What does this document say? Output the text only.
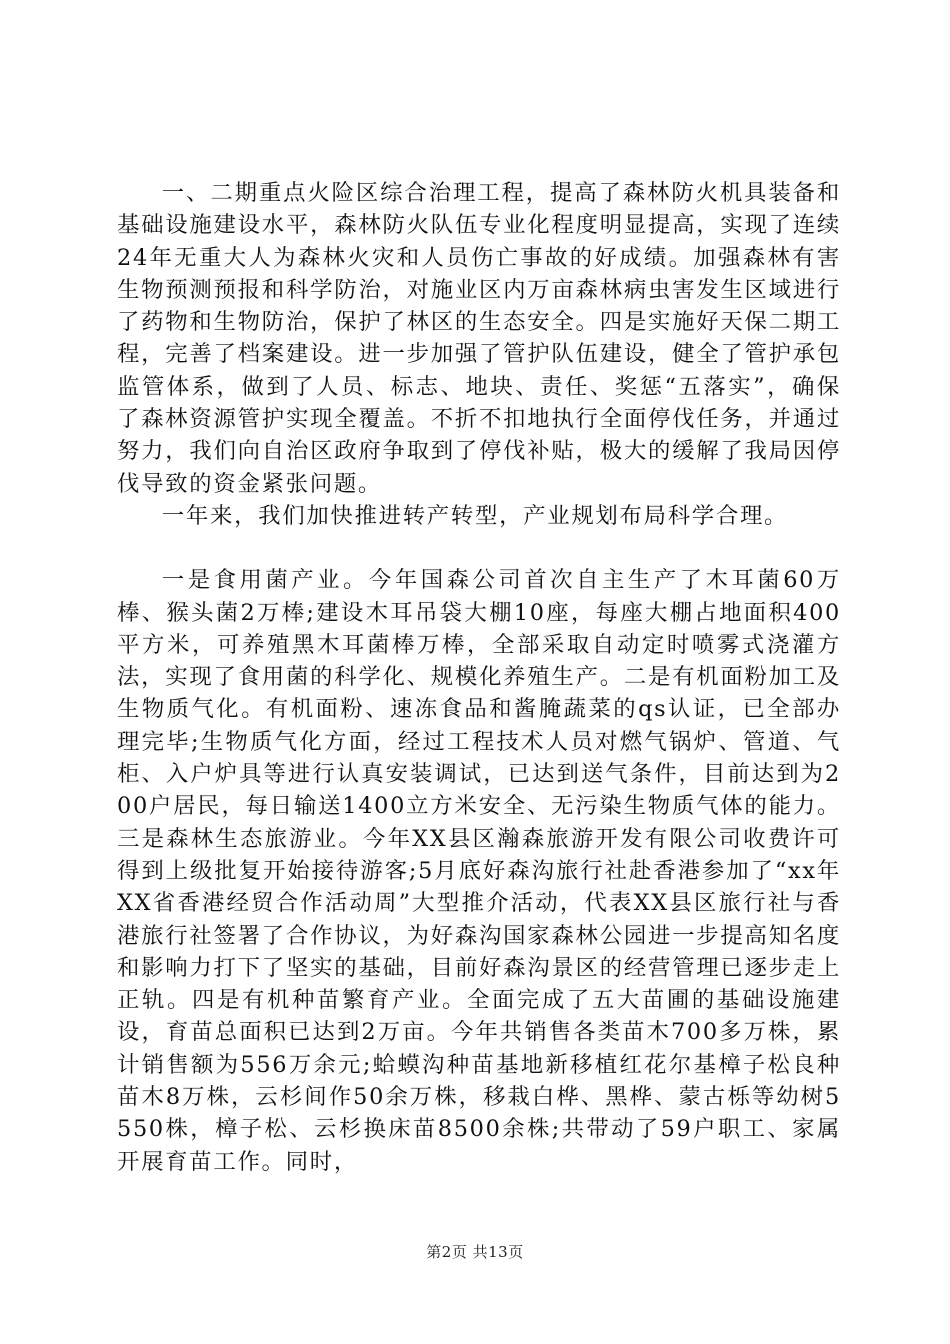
一、二期重点火险区综合治理工程，提高了森林防火机具装备和基础设施建设水平，森林防火队伍专业化程度明显提高，实现了连续24年无重大人为森林火灾和人员伤亡事故的好成绩。加强森林有害生物预测预报和科学防治，对施业区内万亩森林病虫害发生区域进行了药物和生物防治，保护了林区的生态安全。四是实施好天保二期工程，完善了档案建设。进一步加强了管护队伍建设，健全了管护承包监管体系，做到了人员、标志、地块、责任、奖惩“五落实”，确保了森林资源管护实现全覆盖。不折不扣地执行全面停伐任务，并通过努力，我们向自治区政府争取到了停伐补贴，极大的缓解了我局因停伐导致的资金紧张问题。

一年来，我们加快推进转产转型，产业规划布局科学合理。

一是食用菌产业。今年国森公司首次自主生产了木耳菌60万棒、猴头菌2万棒;建设木耳吊袋大棚10座，每座大棚占地面积400平方米，可养殖黑木耳菌棒万棒，全部采取自动定时喷雾式浇灌方法，实现了食用菌的科学化、规模化养殖生产。二是有机面粉加工及生物质气化。有机面粉、速冻食品和酱腌蔬菜的qs认证，已全部办理完毕;生物质气化方面，经过工程技术人员对燃气锅炉、管道、气柜、入户炉具等进行认真安装调试，已达到送气条件，目前达到为200户居民，每日输送1400立方米安全、无污染生物质气体的能力。三是森林生态旅游业。今年XX县区瀚森旅游开发有限公司收费许可得到上级批复开始接待游客;5月底好森沟旅行社赴香港参加了“xx年XX省香港经贸合作活动周”大型推介活动，代表XX县区旅行社与香港旅行社签署了合作协议，为好森沟国家森林公园进一步提高知名度和影响力打下了坚实的基础，目前好森沟景区的经营管理已逐步走上正轨。四是有机种苗繁育产业。全面完成了五大苗圃的基础设施建设，育苗总面积已达到2万亩。今年共销售各类苗木700多万株，累计销售额为556万余元;蛤蟆沟种苗基地新移植红花尔基樟子松良种苗木8万株，云杉间作50余万株，移栽白桦、黑桦、蒙古栎等幼树5550株，樟子松、云杉换床苗8500余株;共带动了59户职工、家属开展育苗工作。同时，

第2页 共13页
